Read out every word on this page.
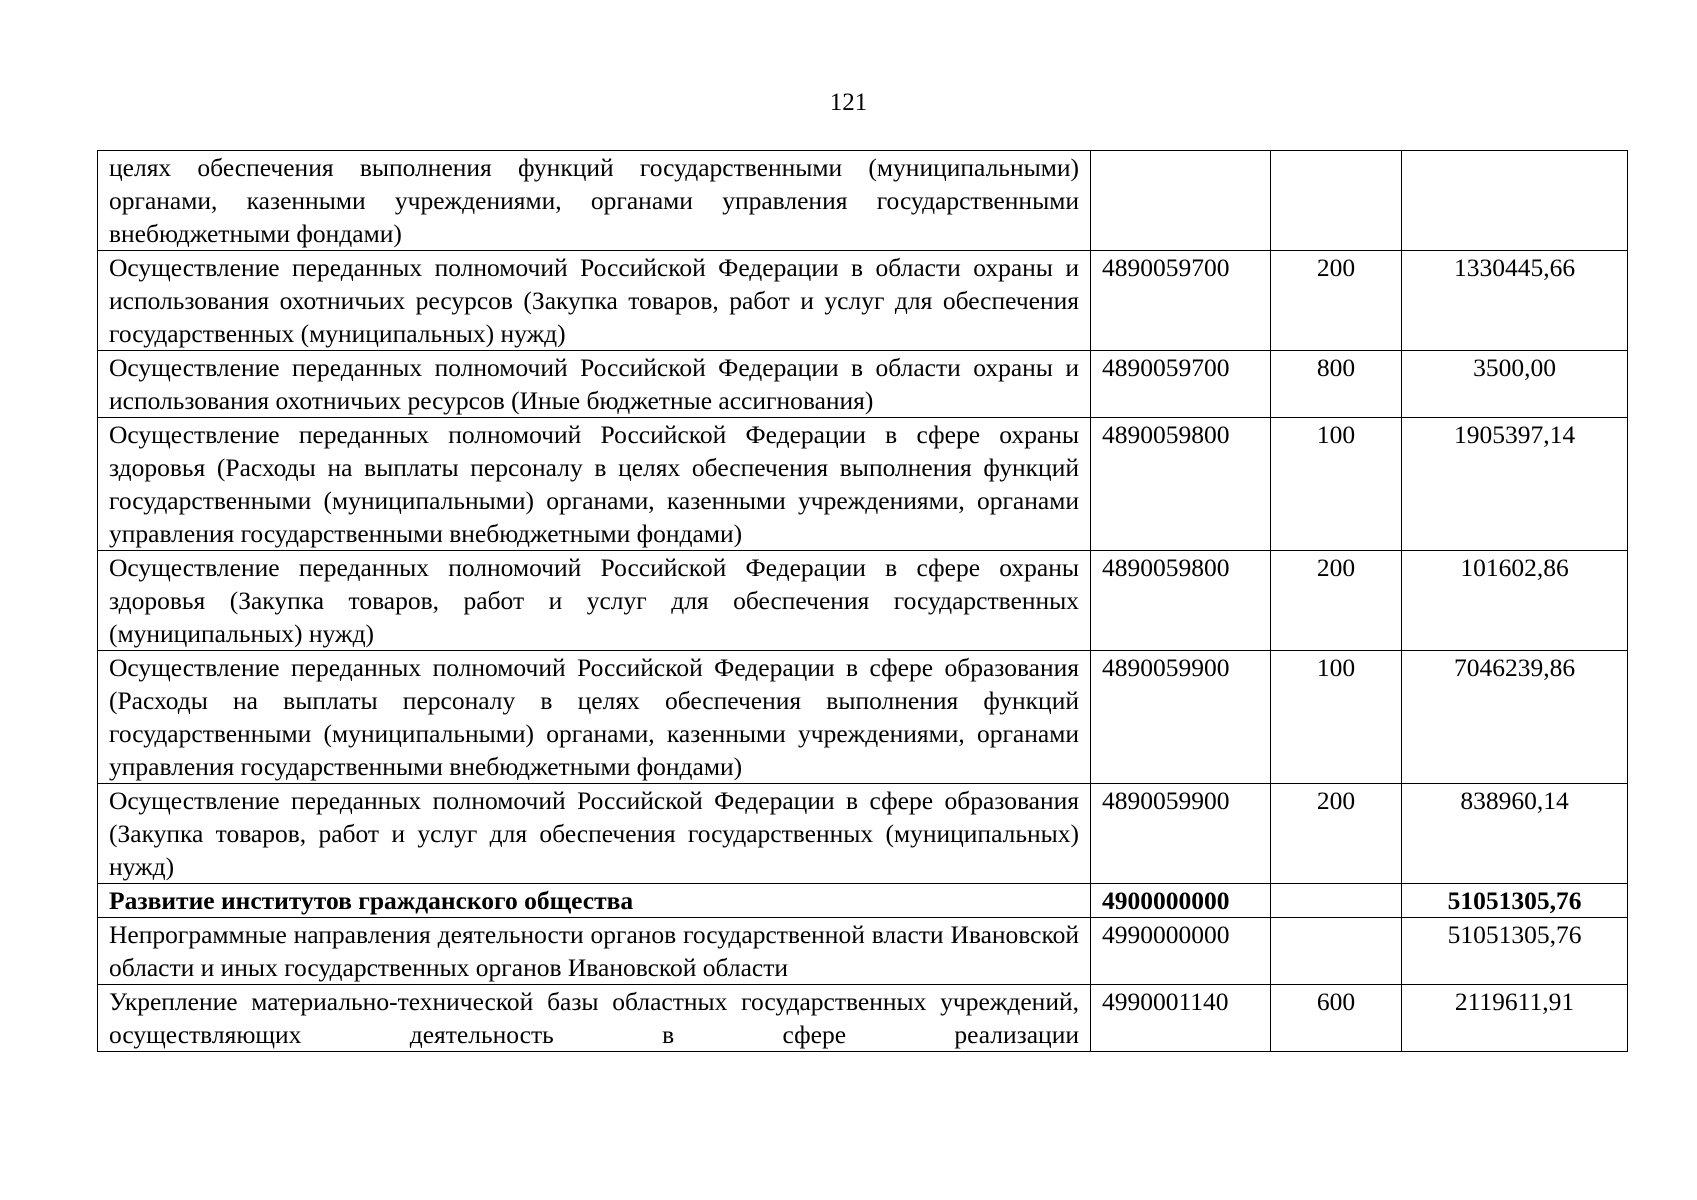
121
целях обеспечения выполнения функций государственными (муниципальными) органами, казенными учреждениями, органами управления государственными внебюджетными фондами)			
Осуществление переданных полномочий Российской Федерации в области охраны и использования охотничьих ресурсов (Закупка товаров, работ и услуг для обеспечения государственных (муниципальных) нужд)	4890059700	200	1330445,66
Осуществление переданных полномочий Российской Федерации в области охраны и использования охотничьих ресурсов (Иные бюджетные ассигнования)	4890059700	800	3500,00
Осуществление переданных полномочий Российской Федерации в сфере охраны здоровья (Расходы на выплаты персоналу в целях обеспечения выполнения функций государственными (муниципальными) органами, казенными учреждениями, органами управления государственными внебюджетными фондами)	4890059800	100	1905397,14
Осуществление переданных полномочий Российской Федерации в сфере охраны здоровья (Закупка товаров, работ и услуг для обеспечения государственных (муниципальных) нужд)	4890059800	200	101602,86
Осуществление переданных полномочий Российской Федерации в сфере образования (Расходы на выплаты персоналу в целях обеспечения выполнения функций государственными (муниципальными) органами, казенными учреждениями, органами управления государственными внебюджетными фондами)	4890059900	100	7046239,86
Осуществление переданных полномочий Российской Федерации в сфере образования (Закупка товаров, работ и услуг для обеспечения государственных (муниципальных) нужд)	4890059900	200	838960,14
Развитие институтов гражданского общества	4900000000		51051305,76
Непрограммные направления деятельности органов государственной власти Ивановской области и иных государственных органов Ивановской области	4990000000		51051305,76
Укрепление материально-технической базы областных государственных учреждений, осуществляющих деятельность в сфере реализации	4990001140	600	2119611,91
